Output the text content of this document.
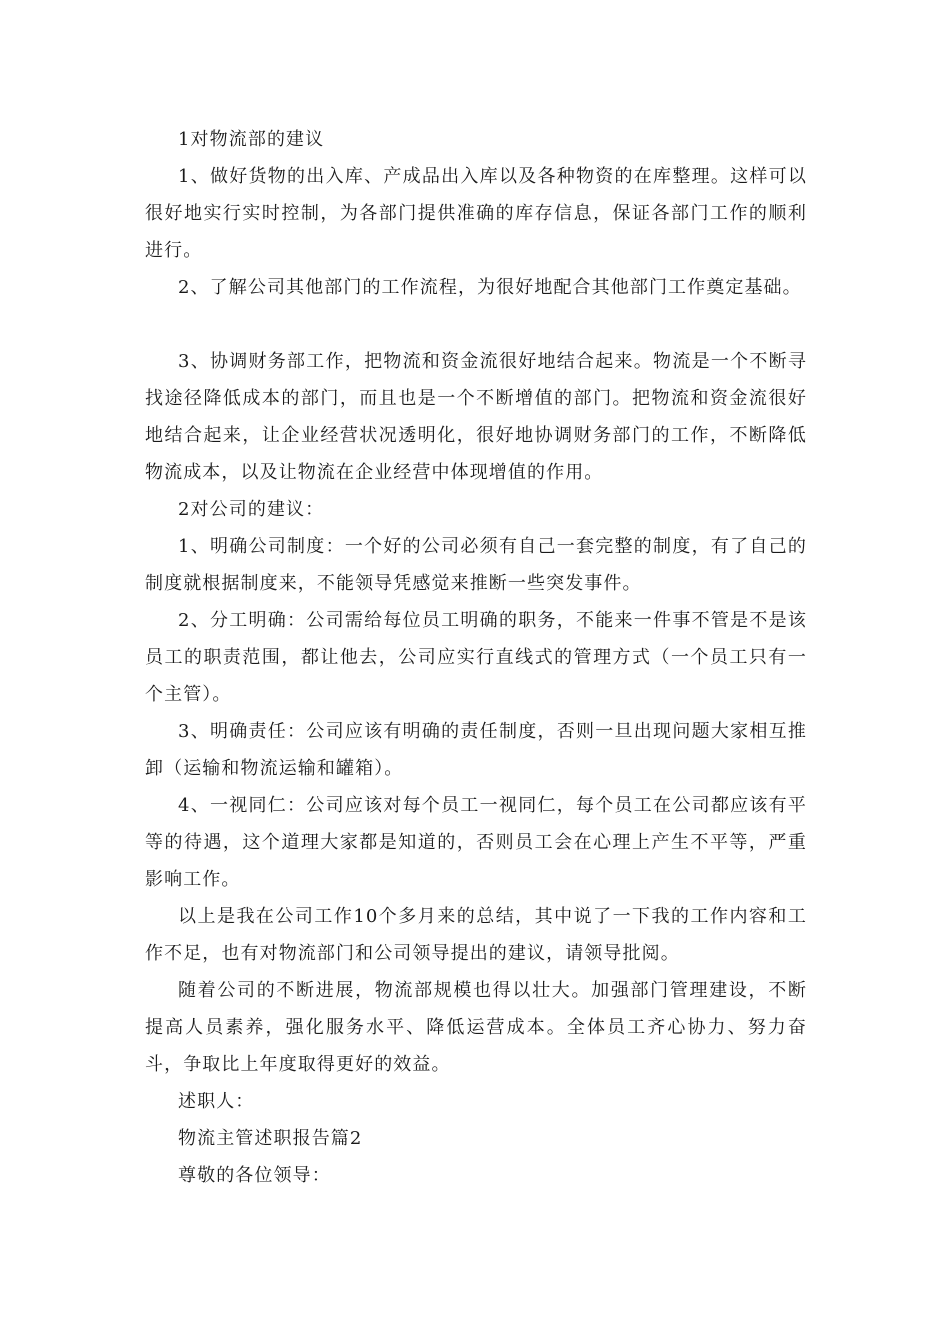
1对物流部的建议

1、做好货物的出入库、产成品出入库以及各种物资的在库整理。这样可以很好地实行实时控制，为各部门提供准确的库存信息，保证各部门工作的顺利进行。

2、了解公司其他部门的工作流程，为很好地配合其他部门工作奠定基础。

3、协调财务部工作，把物流和资金流很好地结合起来。物流是一个不断寻找途径降低成本的部门，而且也是一个不断增值的部门。把物流和资金流很好地结合起来，让企业经营状况透明化，很好地协调财务部门的工作，不断降低物流成本，以及让物流在企业经营中体现增值的作用。

2对公司的建议：

1、明确公司制度：一个好的公司必须有自己一套完整的制度，有了自己的制度就根据制度来，不能领导凭感觉来推断一些突发事件。

2、分工明确：公司需给每位员工明确的职务，不能来一件事不管是不是该员工的职责范围，都让他去，公司应实行直线式的管理方式（一个员工只有一个主管）。

3、明确责任：公司应该有明确的责任制度，否则一旦出现问题大家相互推卸（运输和物流运输和罐箱）。

4、一视同仁：公司应该对每个员工一视同仁，每个员工在公司都应该有平等的待遇，这个道理大家都是知道的，否则员工会在心理上产生不平等，严重影响工作。

以上是我在公司工作10个多月来的总结，其中说了一下我的工作内容和工作不足，也有对物流部门和公司领导提出的建议，请领导批阅。

随着公司的不断进展，物流部规模也得以壮大。加强部门管理建设，不断提高人员素养，强化服务水平、降低运营成本。全体员工齐心协力、努力奋斗，争取比上年度取得更好的效益。

述职人：

物流主管述职报告篇2

尊敬的各位领导：
